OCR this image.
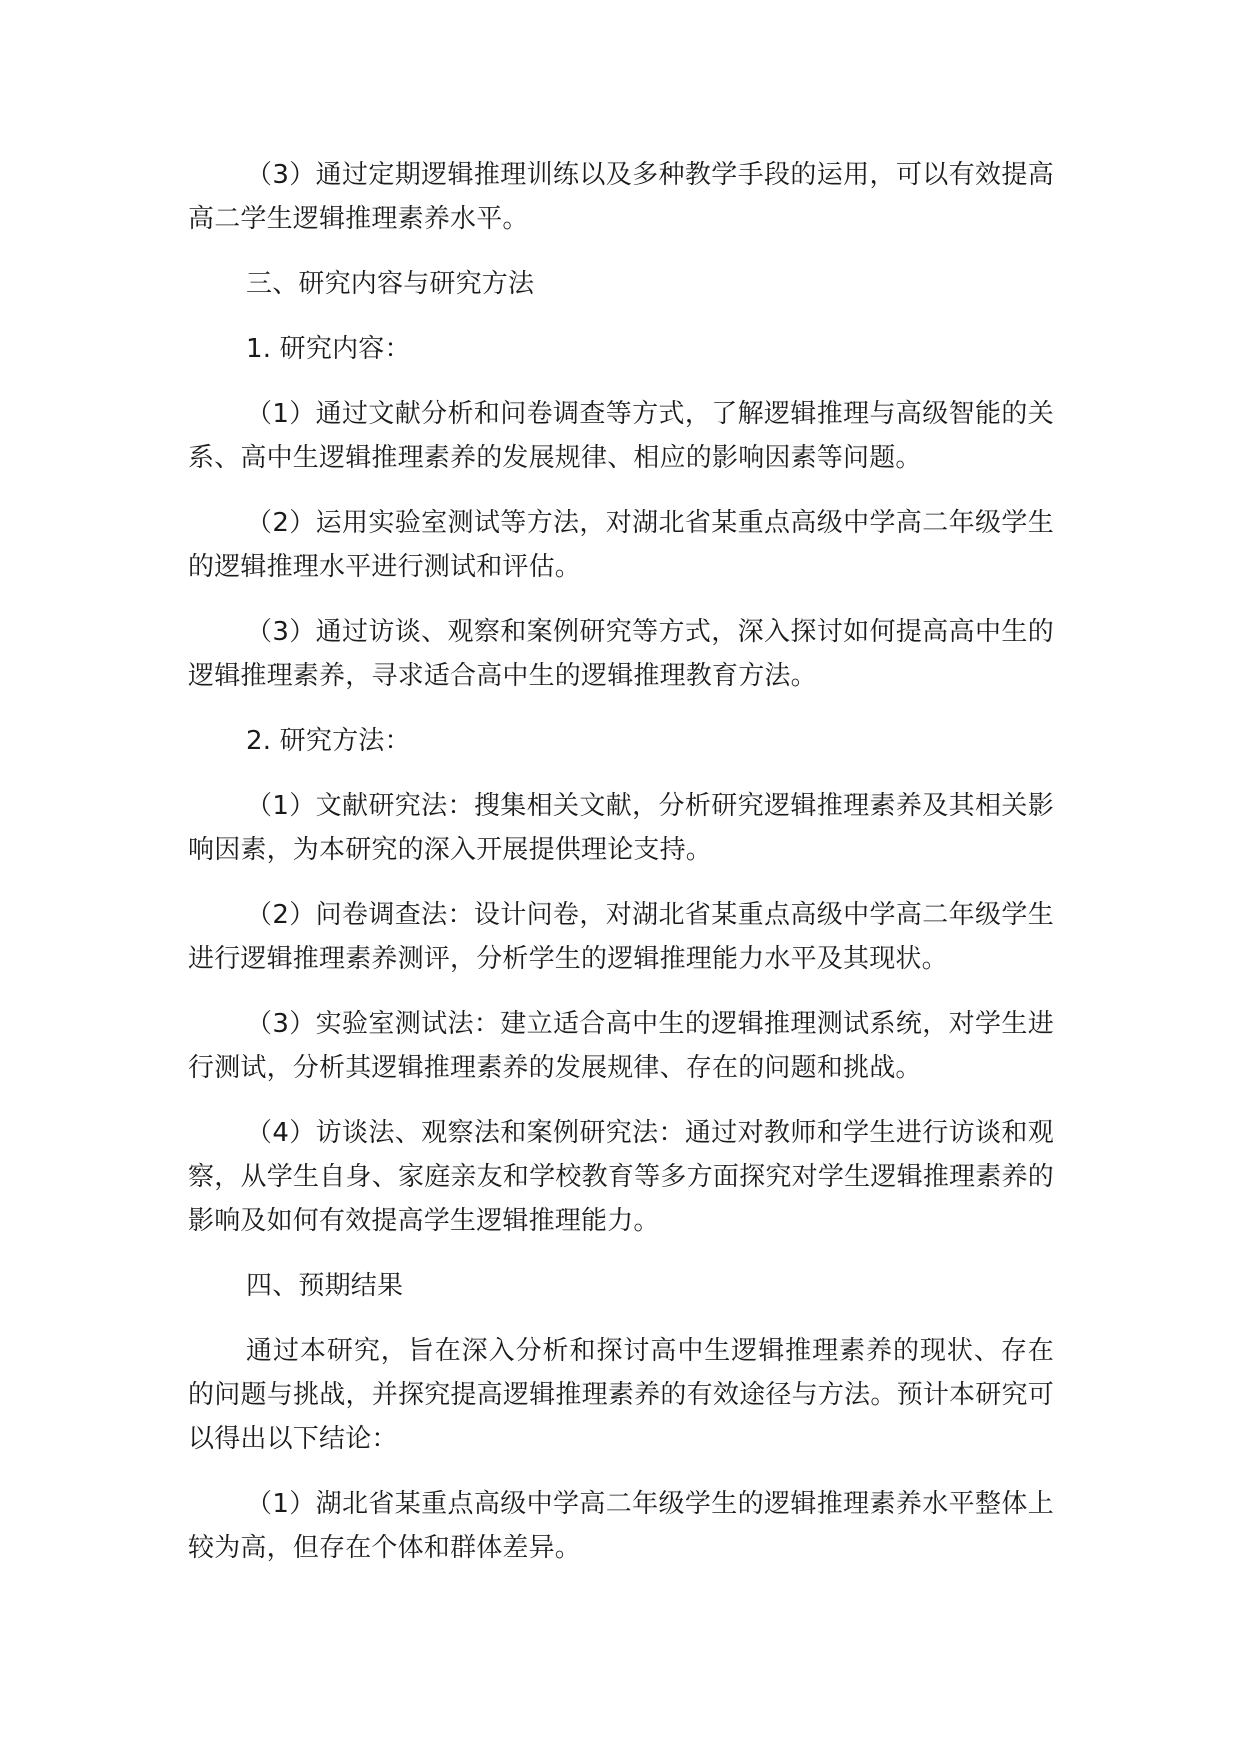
（3）通过定期逻辑推理训练以及多种教学手段的运用，可以有效提高高二学生逻辑推理素养水平。

三、研究内容与研究方法

1. 研究内容：

（1）通过文献分析和问卷调查等方式，了解逻辑推理与高级智能的关系、高中生逻辑推理素养的发展规律、相应的影响因素等问题。

（2）运用实验室测试等方法，对湖北省某重点高级中学高二年级学生的逻辑推理水平进行测试和评估。

（3）通过访谈、观察和案例研究等方式，深入探讨如何提高高中生的逻辑推理素养，寻求适合高中生的逻辑推理教育方法。

2. 研究方法：

（1）文献研究法：搜集相关文献，分析研究逻辑推理素养及其相关影响因素，为本研究的深入开展提供理论支持。

（2）问卷调查法：设计问卷，对湖北省某重点高级中学高二年级学生进行逻辑推理素养测评，分析学生的逻辑推理能力水平及其现状。

（3）实验室测试法：建立适合高中生的逻辑推理测试系统，对学生进行测试，分析其逻辑推理素养的发展规律、存在的问题和挑战。

（4）访谈法、观察法和案例研究法：通过对教师和学生进行访谈和观察，从学生自身、家庭亲友和学校教育等多方面探究对学生逻辑推理素养的影响及如何有效提高学生逻辑推理能力。

四、预期结果

通过本研究，旨在深入分析和探讨高中生逻辑推理素养的现状、存在的问题与挑战，并探究提高逻辑推理素养的有效途径与方法。预计本研究可以得出以下结论：

（1）湖北省某重点高级中学高二年级学生的逻辑推理素养水平整体上较为高，但存在个体和群体差异。
